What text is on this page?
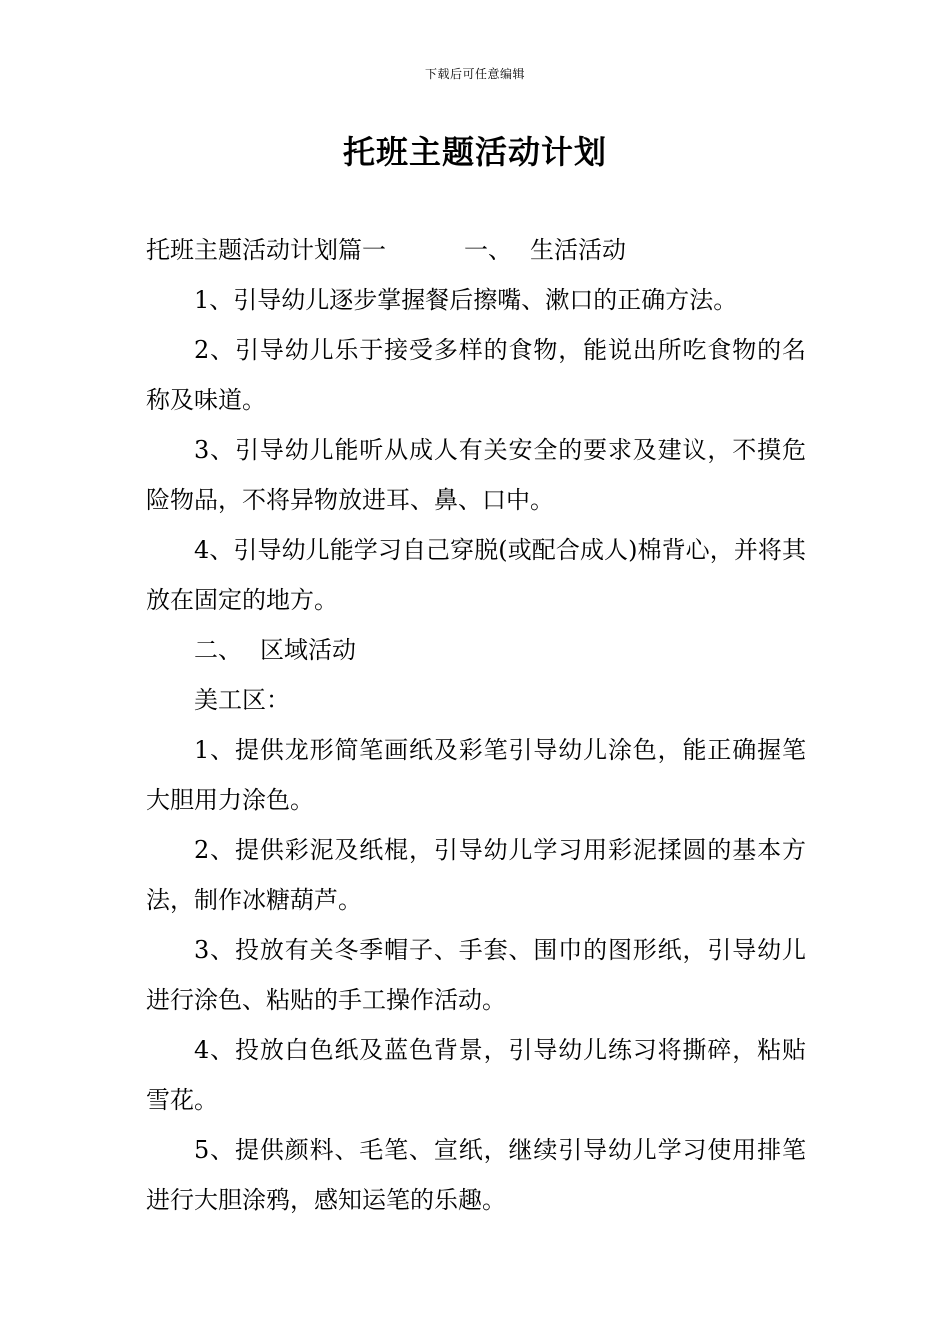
下载后可任意编辑
托班主题活动计划

托班主题活动计划篇一	一、 生活活动

1、引导幼儿逐步掌握餐后擦嘴、漱口的正确方法。

2、引导幼儿乐于接受多样的食物，能说出所吃食物的名称及味道。

3、引导幼儿能听从成人有关安全的要求及建议，不摸危险物品，不将异物放进耳、鼻、口中。

4、引导幼儿能学习自己穿脱(或配合成人)棉背心，并将其放在固定的地方。

二、 区域活动

美工区：

1、提供龙形简笔画纸及彩笔引导幼儿涂色，能正确握笔大胆用力涂色。

2、提供彩泥及纸棍，引导幼儿学习用彩泥揉圆的基本方法，制作冰糖葫芦。

3、投放有关冬季帽子、手套、围巾的图形纸，引导幼儿进行涂色、粘贴的手工操作活动。

4、投放白色纸及蓝色背景，引导幼儿练习将撕碎，粘贴雪花。

5、提供颜料、毛笔、宣纸，继续引导幼儿学习使用排笔进行大胆涂鸦，感知运笔的乐趣。
